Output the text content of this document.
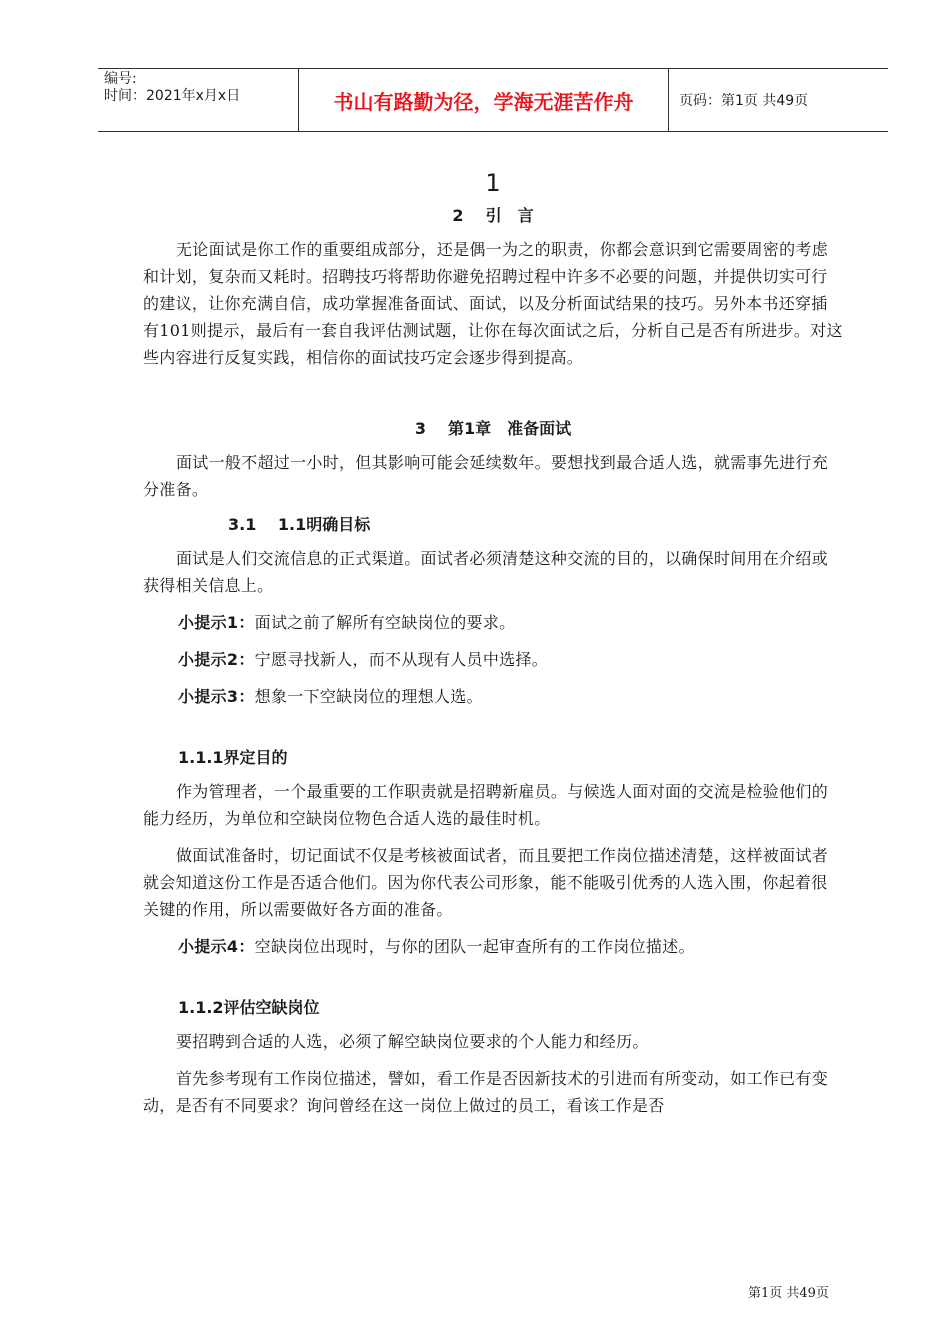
编号:
时间：2021年x月x日	书山有路勤为径，学海无涯苦作舟	页码：第1页 共49页
1
2 引　言

无论面试是你工作的重要组成部分，还是偶一为之的职责，你都会意识到它需要周密的考虑和计划，复杂而又耗时。招聘技巧将帮助你避免招聘过程中许多不必要的问题，并提供切实可行的建议，让你充满自信，成功掌握准备面试、面试，以及分析面试结果的技巧。另外本书还穿插有101则提示，最后有一套自我评估测试题，让你在每次面试之后，分析自己是否有所进步。对这些内容进行反复实践，相信你的面试技巧定会逐步得到提高。

3 第1章　准备面试

面试一般不超过一小时，但其影响可能会延续数年。要想找到最合适人选，就需事先进行充分准备。

3.1　 1.1明确目标

面试是人们交流信息的正式渠道。面试者必须清楚这种交流的目的，以确保时间用在介绍或获得相关信息上。

小提示1：面试之前了解所有空缺岗位的要求。

小提示2：宁愿寻找新人，而不从现有人员中选择。

小提示3：想象一下空缺岗位的理想人选。

1.1.1界定目的

作为管理者，一个最重要的工作职责就是招聘新雇员。与候选人面对面的交流是检验他们的能力经历，为单位和空缺岗位物色合适人选的最佳时机。

做面试准备时，切记面试不仅是考核被面试者，而且要把工作岗位描述清楚，这样被面试者就会知道这份工作是否适合他们。因为你代表公司形象，能不能吸引优秀的人选入围，你起着很关键的作用，所以需要做好各方面的准备。

小提示4：空缺岗位出现时，与你的团队一起审查所有的工作岗位描述。

1.1.2评估空缺岗位

要招聘到合适的人选，必须了解空缺岗位要求的个人能力和经历。

首先参考现有工作岗位描述，譬如，看工作是否因新技术的引进而有所变动，如工作已有变动，是否有不同要求？询问曾经在这一岗位上做过的员工，看该工作是否

第1页 共49页
